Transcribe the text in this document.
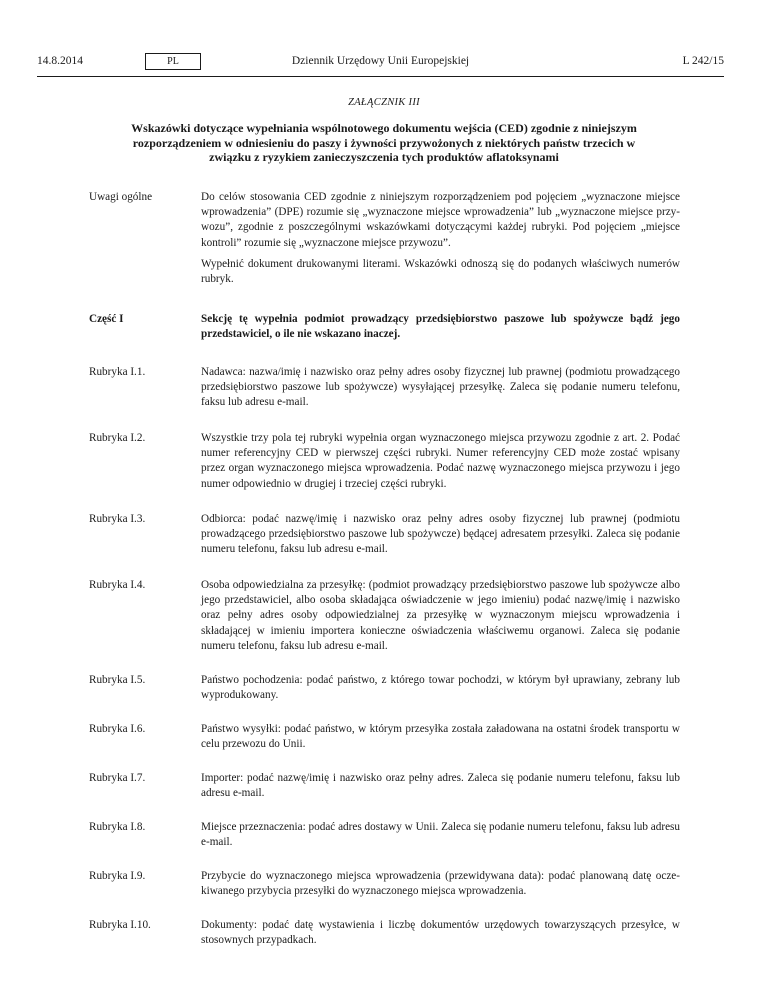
14.8.2014	PL	Dziennik Urzędowy Unii Europejskiej	L 242/15
ZAŁĄCZNIK III
Wskazówki dotyczące wypełniania wspólnotowego dokumentu wejścia (CED) zgodnie z niniejszym rozporządzeniem w odniesieniu do paszy i żywności przywożonych z niektórych państw trzecich w związku z ryzykiem zanieczyszczenia tych produktów aflatoksynami
Uwagi ogólne	Do celów stosowania CED zgodnie z niniejszym rozporządzeniem pod pojęciem „wyznaczone miejsce wprowadzenia” (DPE) rozumie się „wyznaczone miejsce wprowadzenia” lub „wyznaczone miejsce przywozu”, zgodnie z poszczególnymi wskazówkami dotyczącymi każdej rubryki. Pod pojęciem „miejsce kontroli” rozumie się „wyznaczone miejsce przywozu”.

Wypełnić dokument drukowanymi literami. Wskazówki odnoszą się do podanych właściwych numerów rubryk.

Część I	Sekcję tę wypełnia podmiot prowadzący przedsiębiorstwo paszowe lub spożywcze bądź jego przedstawiciel, o ile nie wskazano inaczej.

Rubryka I.1.	Nadawca: nazwa/imię i nazwisko oraz pełny adres osoby fizycznej lub prawnej (podmiotu prowadzącego przedsiębiorstwo paszowe lub spożywcze) wysyłającej przesyłkę. Zaleca się podanie numeru telefonu, faksu lub adresu e-mail.

Rubryka I.2.	Wszystkie trzy pola tej rubryki wypełnia organ wyznaczonego miejsca przywozu zgodnie z art. 2. Podać numer referencyjny CED w pierwszej części rubryki. Numer referencyjny CED może zostać wpisany przez organ wyznaczonego miejsca wprowadzenia. Podać nazwę wyznaczonego miejsca przywozu i jego numer odpowiednio w drugiej i trzeciej części rubryki.

Rubryka I.3.	Odbiorca: podać nazwę/imię i nazwisko oraz pełny adres osoby fizycznej lub prawnej (podmiotu prowadzącego przedsiębiorstwo paszowe lub spożywcze) będącej adresatem przesyłki. Zaleca się podanie numeru telefonu, faksu lub adresu e-mail.

Rubryka I.4.	Osoba odpowiedzialna za przesyłkę: (podmiot prowadzący przedsiębiorstwo paszowe lub spożywcze albo jego przedstawiciel, albo osoba składająca oświadczenie w jego imieniu) podać nazwę/imię i nazwisko oraz pełny adres osoby odpowiedzialnej za przesyłkę w wyznaczonym miejscu wprowadzenia i składającej w imieniu importera konieczne oświadczenia właściwemu organowi. Zaleca się podanie numeru telefonu, faksu lub adresu e-mail.

Rubryka I.5.	Państwo pochodzenia: podać państwo, z którego towar pochodzi, w którym był uprawiany, zebrany lub wyprodukowany.

Rubryka I.6.	Państwo wysyłki: podać państwo, w którym przesyłka została załadowana na ostatni środek transportu w celu przewozu do Unii.

Rubryka I.7.	Importer: podać nazwę/imię i nazwisko oraz pełny adres. Zaleca się podanie numeru telefonu, faksu lub adresu e-mail.

Rubryka I.8.	Miejsce przeznaczenia: podać adres dostawy w Unii. Zaleca się podanie numeru telefonu, faksu lub adresu e-mail.

Rubryka I.9.	Przybycie do wyznaczonego miejsca wprowadzenia (przewidywana data): podać planowaną datę oczekiwanego przybycia przesyłki do wyznaczonego miejsca wprowadzenia.

Rubryka I.10.	Dokumenty: podać datę wystawienia i liczbę dokumentów urzędowych towarzyszących przesyłce, w stosownych przypadkach.
